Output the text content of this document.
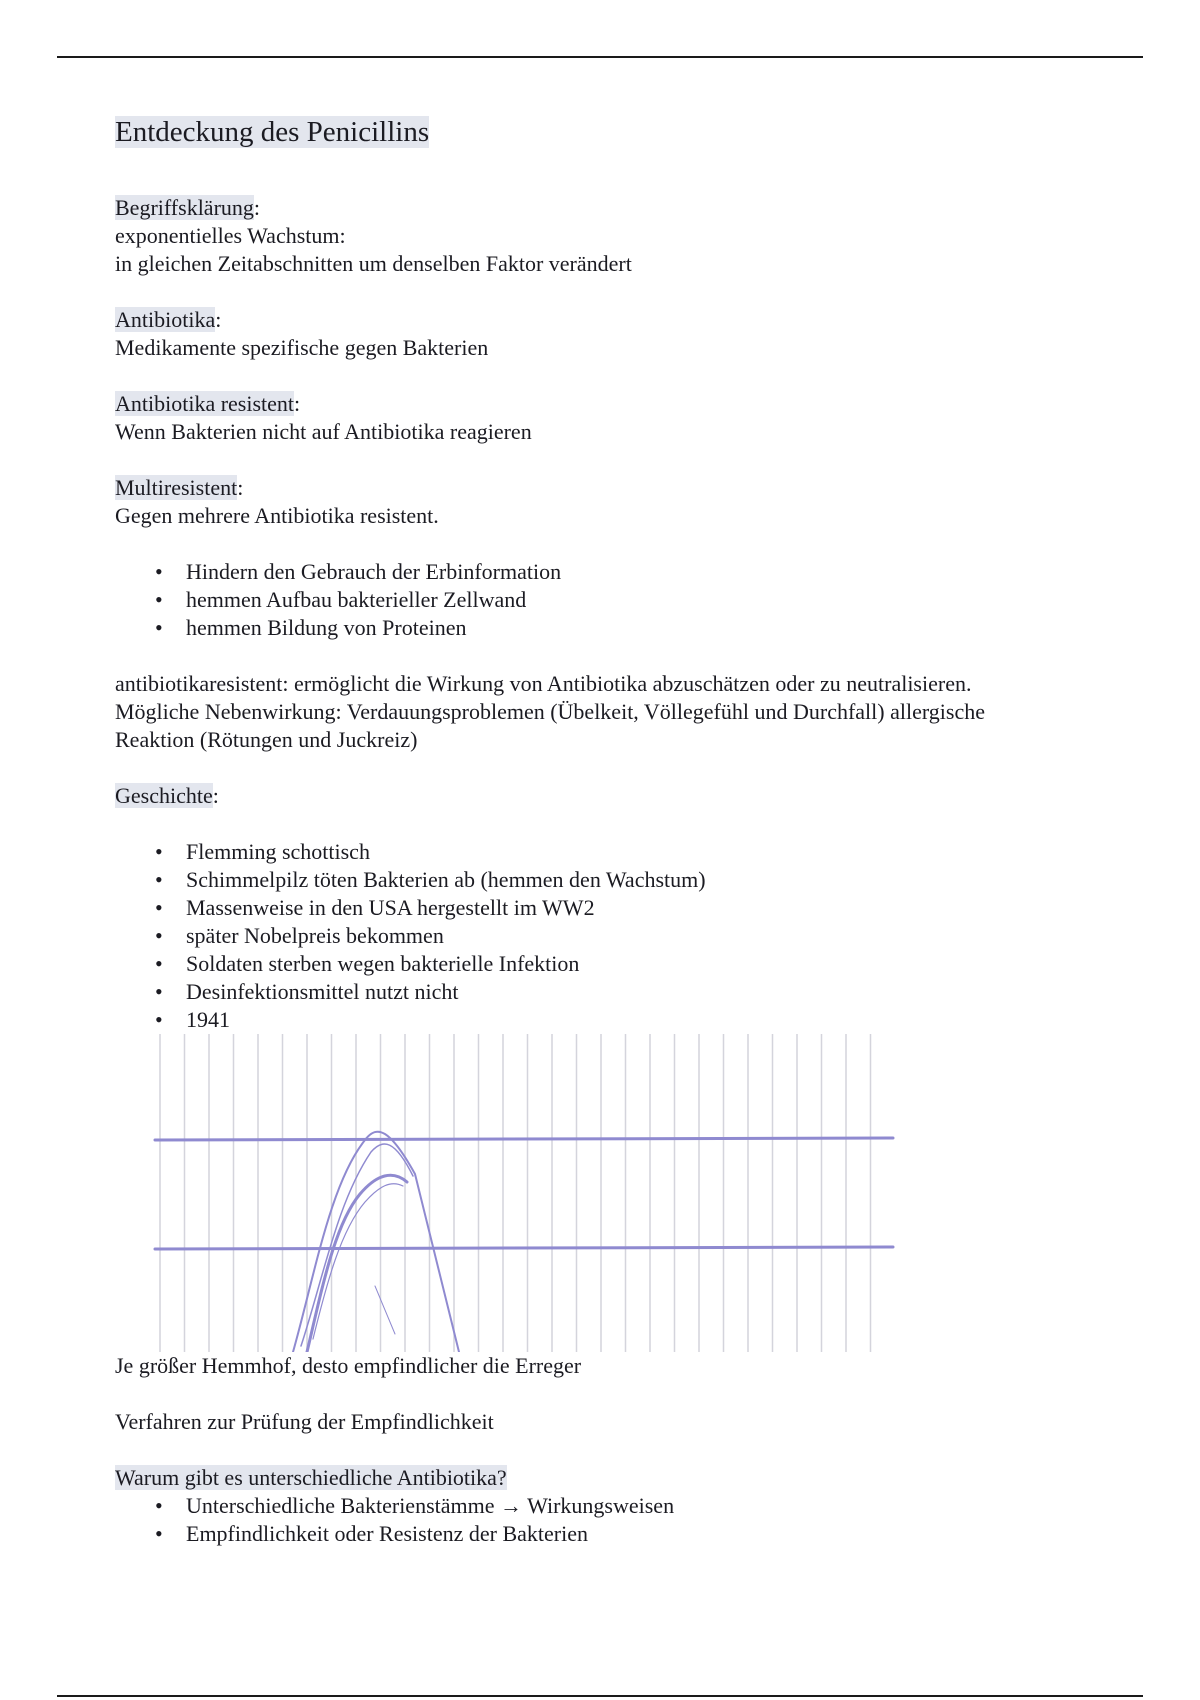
Entdeckung des Penicillins
Begriffsklärung:
exponentielles Wachstum:
in gleichen Zeitabschnitten um denselben Faktor verändert
Antibiotika:
Medikamente spezifische gegen Bakterien
Antibiotika resistent:
Wenn Bakterien nicht auf Antibiotika reagieren
Multiresistent:
Gegen mehrere Antibiotika resistent.
• Hindern den Gebrauch der Erbinformation
• hemmen Aufbau bakterieller Zellwand
• hemmen Bildung von Proteinen
antibiotikaresistent: ermöglicht die Wirkung von Antibiotika abzuschätzen oder zu neutralisieren.
Mögliche Nebenwirkung: Verdauungsproblemen (Übelkeit, Völlegefühl und Durchfall) allergische
Reaktion (Rötungen und Juckreiz)
Geschichte:
• Flemming schottisch
• Schimmelpilz töten Bakterien ab (hemmen den Wachstum)
• Massenweise in den USA hergestellt im WW2
• später Nobelpreis bekommen
• Soldaten sterben wegen bakterielle Infektion
• Desinfektionsmittel nutzt nicht
• 1941
Je größer Hemmhof, desto empfindlicher die Erreger
Verfahren zur Prüfung der Empfindlichkeit
Warum gibt es unterschiedliche Antibiotika?
• Unterschiedliche Bakterienstämme → Wirkungsweisen
• Empfindlichkeit oder Resistenz der Bakterien
